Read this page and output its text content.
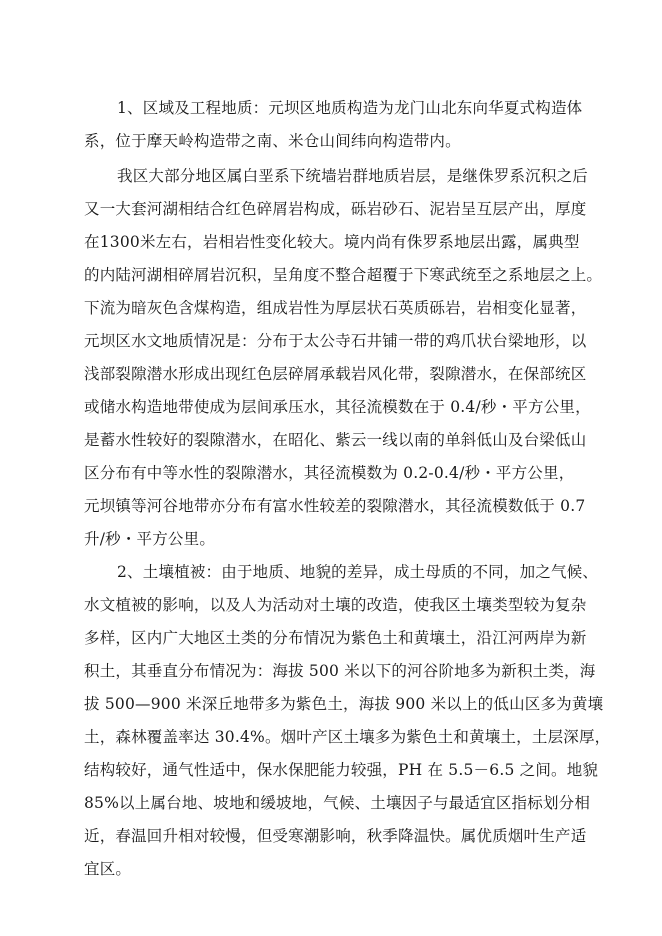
1、区域及工程地质：元坝区地质构造为龙门山北东向华夏式构造体
系，位于摩天岭构造带之南、米仓山间纬向构造带内。
我区大部分地区属白垩系下统墙岩群地质岩层，是继侏罗系沉积之后
又一大套河湖相结合红色碎屑岩构成，砾岩砂石、泥岩呈互层产出，厚度
在1300米左右，岩相岩性变化较大。境内尚有侏罗系地层出露，属典型
的内陆河湖相碎屑岩沉积，呈角度不整合超覆于下寒武统至之系地层之上。
下流为暗灰色含煤构造，组成岩性为厚层状石英质砾岩，岩相变化显著，
元坝区水文地质情况是：分布于太公寺石井铺一带的鸡爪状台梁地形，以
浅部裂隙潜水形成出现红色层碎屑承载岩风化带，裂隙潜水，在保部统区
或储水构造地带使成为层间承压水，其径流模数在于 0.4/秒・平方公里，
是蓄水性较好的裂隙潜水，在昭化、紫云一线以南的单斜低山及台梁低山
区分布有中等水性的裂隙潜水，其径流模数为 0.2-0.4/秒・平方公里，
元坝镇等河谷地带亦分布有富水性较差的裂隙潜水，其径流模数低于 0.7
升/秒・平方公里。
2、土壤植被：由于地质、地貌的差异，成土母质的不同，加之气候、
水文植被的影响，以及人为活动对土壤的改造，使我区土壤类型较为复杂
多样，区内广大地区土类的分布情况为紫色土和黄壤土，沿江河两岸为新
积土，其垂直分布情况为：海拔 500 米以下的河谷阶地多为新积土类，海
拔 500—900 米深丘地带多为紫色土，海拔 900 米以上的低山区多为黄壤
土，森林覆盖率达 30.4%。烟叶产区土壤多为紫色土和黄壤土，土层深厚，
结构较好，通气性适中，保水保肥能力较强，PH 在 5.5－6.5 之间。地貌
85%以上属台地、坡地和缓坡地，气候、土壤因子与最适宜区指标划分相
近，春温回升相对较慢，但受寒潮影响，秋季降温快。属优质烟叶生产适
宜区。
